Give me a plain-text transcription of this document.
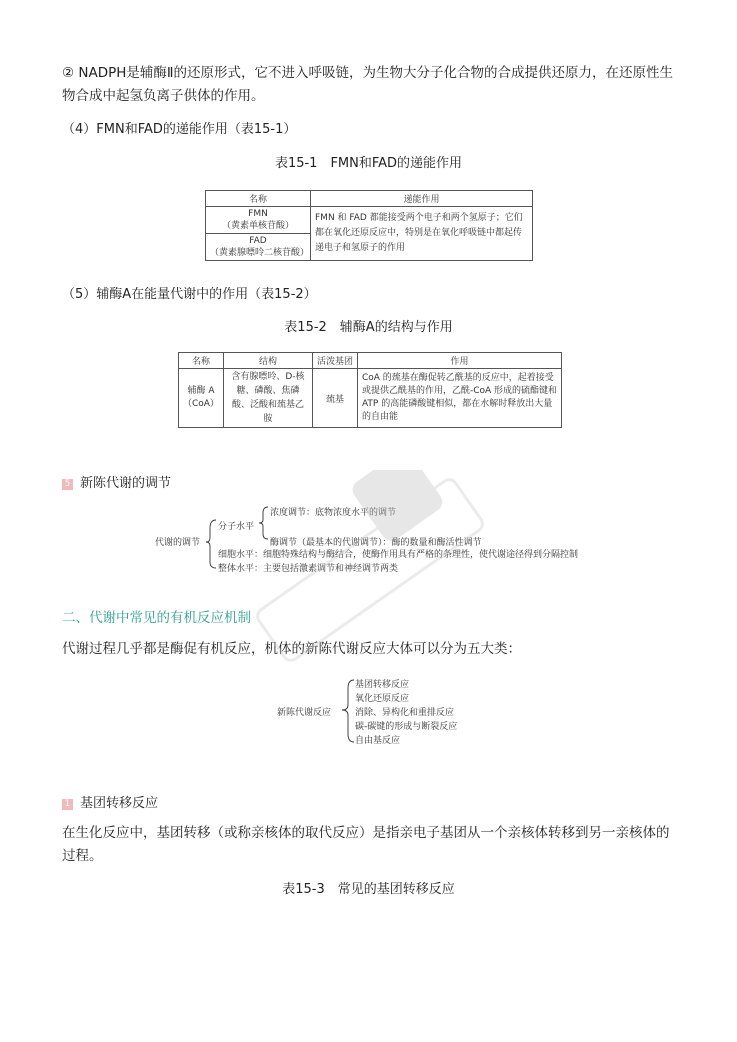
② NADPH是辅酶Ⅱ的还原形式，它不进入呼吸链，为生物大分子化合物的合成提供还原力，在还原性生物合成中起氢负离子供体的作用。
（4）FMN和FAD的递能作用（表15-1）
表15-1　FMN和FAD的递能作用
名称	递能作用

FMN
（黄素单核苷酸）	FMN 和 FAD 都能接受两个电子和两个氢原子；它们都在氧化还原反应中，特别是在氧化呼吸链中都起传递电子和氢原子的作用

FAD
（黄素腺嘌呤二核苷酸）	
（5）辅酶A在能量代谢中的作用（表15-2）
表15-2　辅酶A的结构与作用
名称	结构	活泼基团	作用

辅酶 A
（CoA）	含有腺嘌呤、D-核糖、磷酸、焦磷酸、泛酸和巯基乙胺	巯基	CoA 的巯基在酶促转乙酰基的反应中，起着接受或提供乙酰基的作用，乙酰-CoA 形成的硫酯键和 ATP 的高能磷酸键相似，都在水解时释放出大量的自由能
5 新陈代谢的调节
代谢的调节
分子水平
浓度调节：底物浓度水平的调节
酶调节（最基本的代谢调节）：酶的数量和酶活性调节
细胞水平：细胞特殊结构与酶结合，使酶作用具有严格的条理性，使代谢途径得到分隔控制
整体水平：主要包括激素调节和神经调节两类
二、代谢中常见的有机反应机制
代谢过程几乎都是酶促有机反应，机体的新陈代谢反应大体可以分为五大类：
新陈代谢反应
基团转移反应
氧化还原反应
消除、异构化和重排反应
碳-碳键的形成与断裂反应
自由基反应
1 基团转移反应
在生化反应中，基团转移（或称亲核体的取代反应）是指亲电子基团从一个亲核体转移到另一亲核体的过程。
表15-3　常见的基团转移反应
